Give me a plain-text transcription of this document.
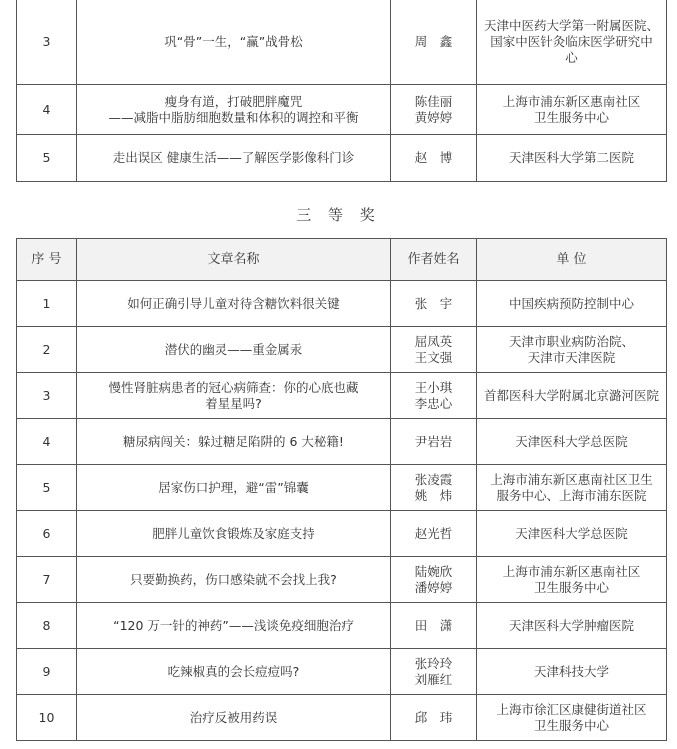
3	巩“骨”一生，“赢”战骨松	周　鑫	天津中医药大学第一附属医院、
国家中医针灸临床医学研究中
心

4	瘦身有道，打破肥胖魔咒
——减脂中脂肪细胞数量和体积的调控和平衡	陈佳丽
黄婷婷	上海市浦东新区惠南社区
卫生服务中心

5	走出误区 健康生活——了解医学影像科门诊	赵　博	天津医科大学第二医院
三 等 奖
序 号	文章名称	作者姓名	单 位
1	如何正确引导儿童对待含糖饮料很关键	张　宇	中国疾病预防控制中心

2	潜伏的幽灵——重金属汞	屈凤英
王文强	天津市职业病防治院、
天津市天津医院

3	慢性肾脏病患者的冠心病筛查：你的心底也藏
着星星吗?	王小琪
李忠心	首都医科大学附属北京潞河医院

4	糖尿病闯关：躲过糖足陷阱的 6 大秘籍!	尹岩岩	天津医科大学总医院

5	居家伤口护理，避“雷”锦囊	张凌霞
姚　炜	上海市浦东新区惠南社区卫生
服务中心、上海市浦东医院

6	肥胖儿童饮食锻炼及家庭支持	赵光哲	天津医科大学总医院

7	只要勤换药，伤口感染就不会找上我?	陆婉欣
潘婷婷	上海市浦东新区惠南社区
卫生服务中心

8	“120 万一针的神药”——浅谈免疫细胞治疗	田　潇	天津医科大学肿瘤医院

9	吃辣椒真的会长痘痘吗?	张玲玲
刘雁红	天津科技大学

10	治疗反被用药误	邱　玮	上海市徐汇区康健街道社区
卫生服务中心
